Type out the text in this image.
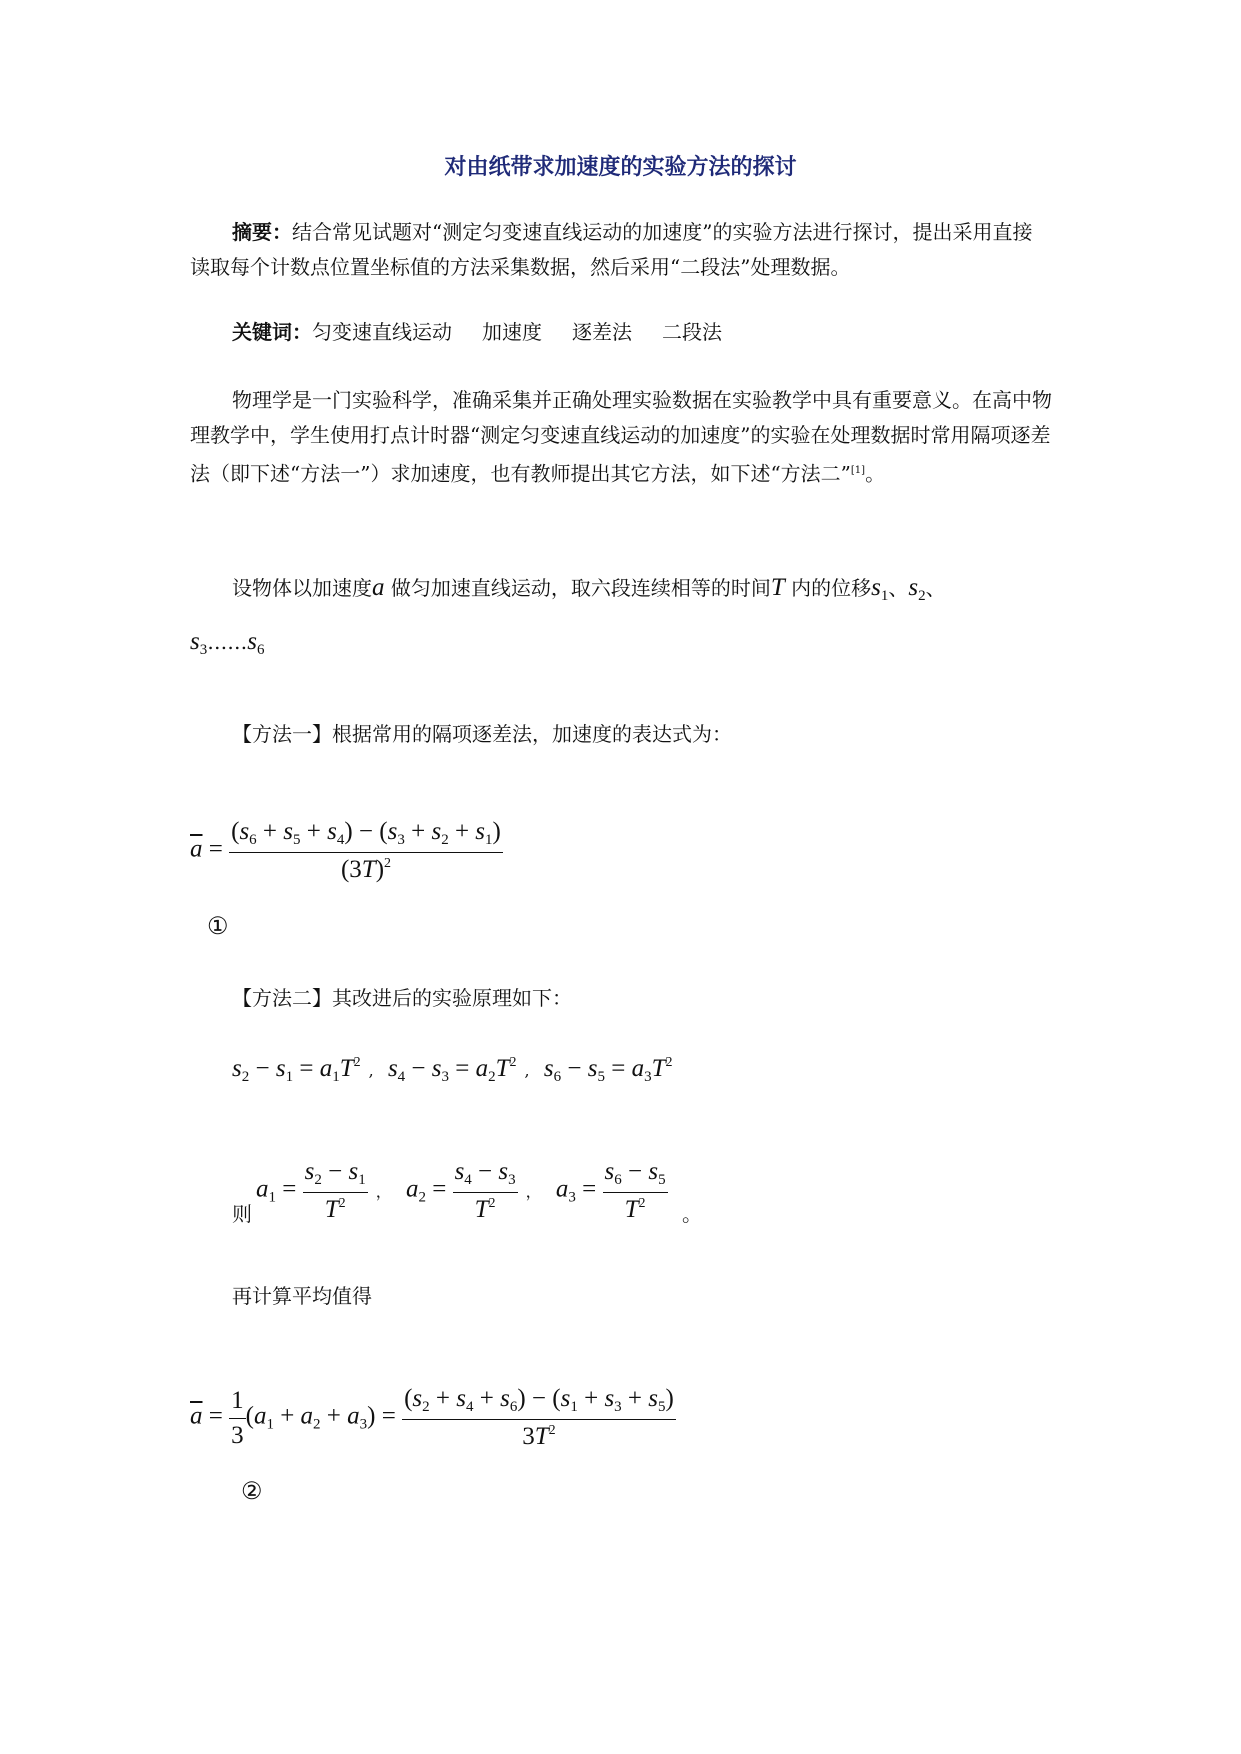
对由纸带求加速度的实验方法的探讨

摘要：结合常见试题对“测定匀变速直线运动的加速度”的实验方法进行探讨，提出采用直接读取每个计数点位置坐标值的方法采集数据，然后采用“二段法”处理数据。

关键词：匀变速直线运动 加速度 逐差法 二段法

物理学是一门实验科学，准确采集并正确处理实验数据在实验教学中具有重要意义。在高中物理教学中，学生使用打点计时器“测定匀变速直线运动的加速度”的实验在处理数据时常用隔项逐差法（即下述“方法一”）求加速度，也有教师提出其它方法，如下述“方法二”[1]。

设物体以加速度a 做匀加速直线运动，取六段连续相等的时间T 内的位移$s_1$、$s_2$、
$s_3\dots\dots s_6$
【方法一】根据常用的隔项逐差法，加速度的表达式为：
$\overline{a} = \frac{(s_6 + s_5 + s_4) - (s_3 + s_2 + s_1)}{(3T)^2}$
①
【方法二】其改进后的实验原理如下：
$s_2 - s_1 = a_1T^2$ , $s_4 - s_3 = a_2T^2$ , $s_6 - s_5 = a_3T^2$
则
$a_1 = \frac{s_2 - s_1}{T^2}$ ， $a_2 = \frac{s_4 - s_3}{T^2}$ ， $a_3 = \frac{s_6 - s_5}{T^2}$ 。
再计算平均值得
$\overline{a} = \frac{1}{3} (a_1 + a_2 + a_3) = \frac{(s_2 + s_4 + s_6) - (s_1 + s_3 + s_5)}{3T^2}$
②
